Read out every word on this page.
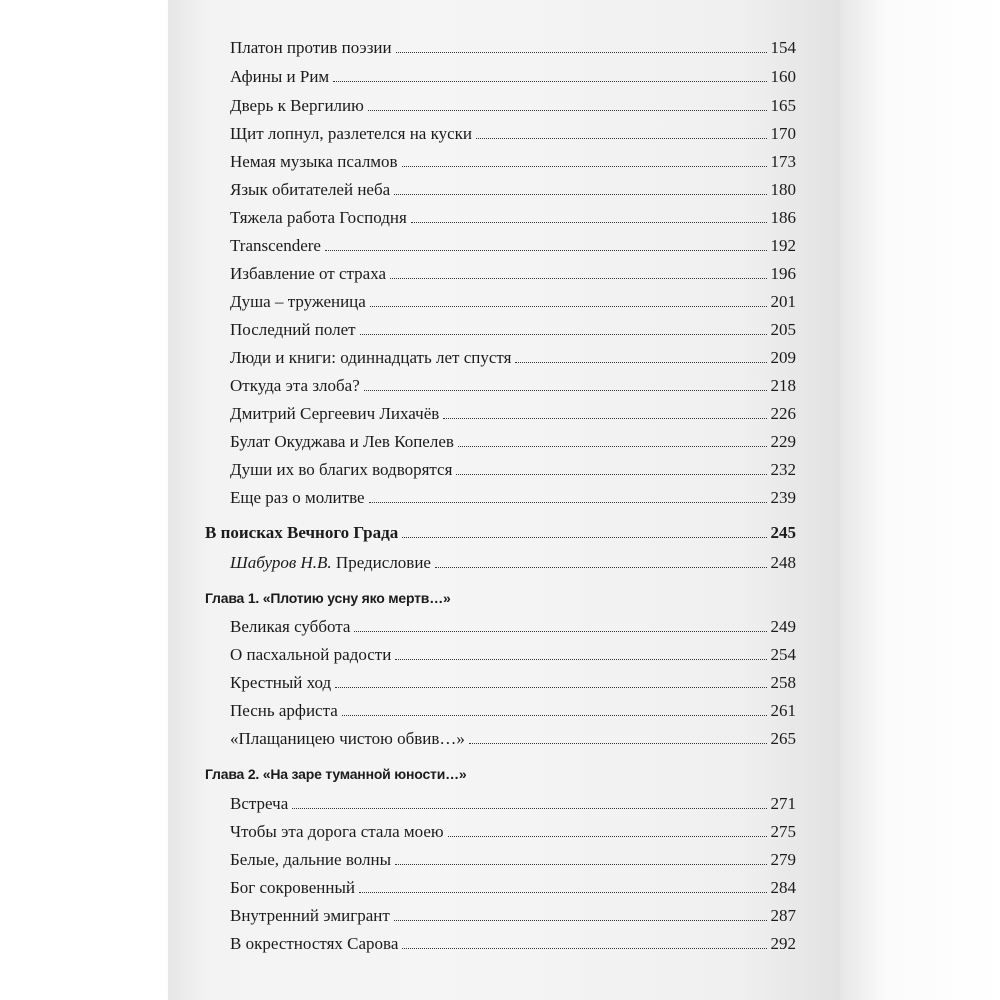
Платон против поэзии	154
Афины и Рим	160
Дверь к Вергилию	165
Щит лопнул, разлетелся на куски	170
Немая музыка псалмов	173
Язык обитателей неба	180
Тяжела работа Господня	186
Transcendere	192
Избавление от страха	196
Душа – труженица	201
Последний полет	205
Люди и книги: одиннадцать лет спустя	209
Откуда эта злоба?	218
Дмитрий Сергеевич Лихачёв	226
Булат Окуджава и Лев Копелев	229
Души их во благих водворятся	232
Еще раз о молитве	239
В поисках Вечного Града	245
Шабуров Н.В. Предисловие	248
Глава 1. «Плотию усну яко мертв…»
Великая суббота	249
О пасхальной радости	254
Крестный ход	258
Песнь арфиста	261
«Плащаницею чистою обвив…»	265
Глава 2. «На заре туманной юности…»
Встреча	271
Чтобы эта дорога стала моею	275
Белые, дальние волны	279
Бог сокровенный	284
Внутренний эмигрант	287
В окрестностях Сарова	292
